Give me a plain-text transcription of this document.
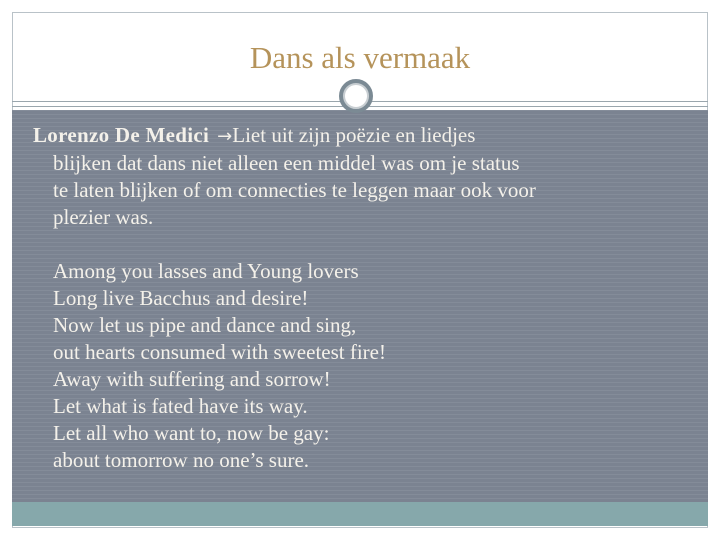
Dans als vermaak

Lorenzo De Medici →Liet uit zijn poëzie en liedjes
blijken dat dans niet alleen een middel was om je status
te laten blijken of om connecties te leggen maar ook voor
plezier was.

Among you lasses and Young lovers
Long live Bacchus and desire!
Now let us pipe and dance and sing,
out hearts consumed with sweetest fire!
Away with suffering and sorrow!
Let what is fated have its way.
Let all who want to, now be gay:
about tomorrow no one’s sure.
